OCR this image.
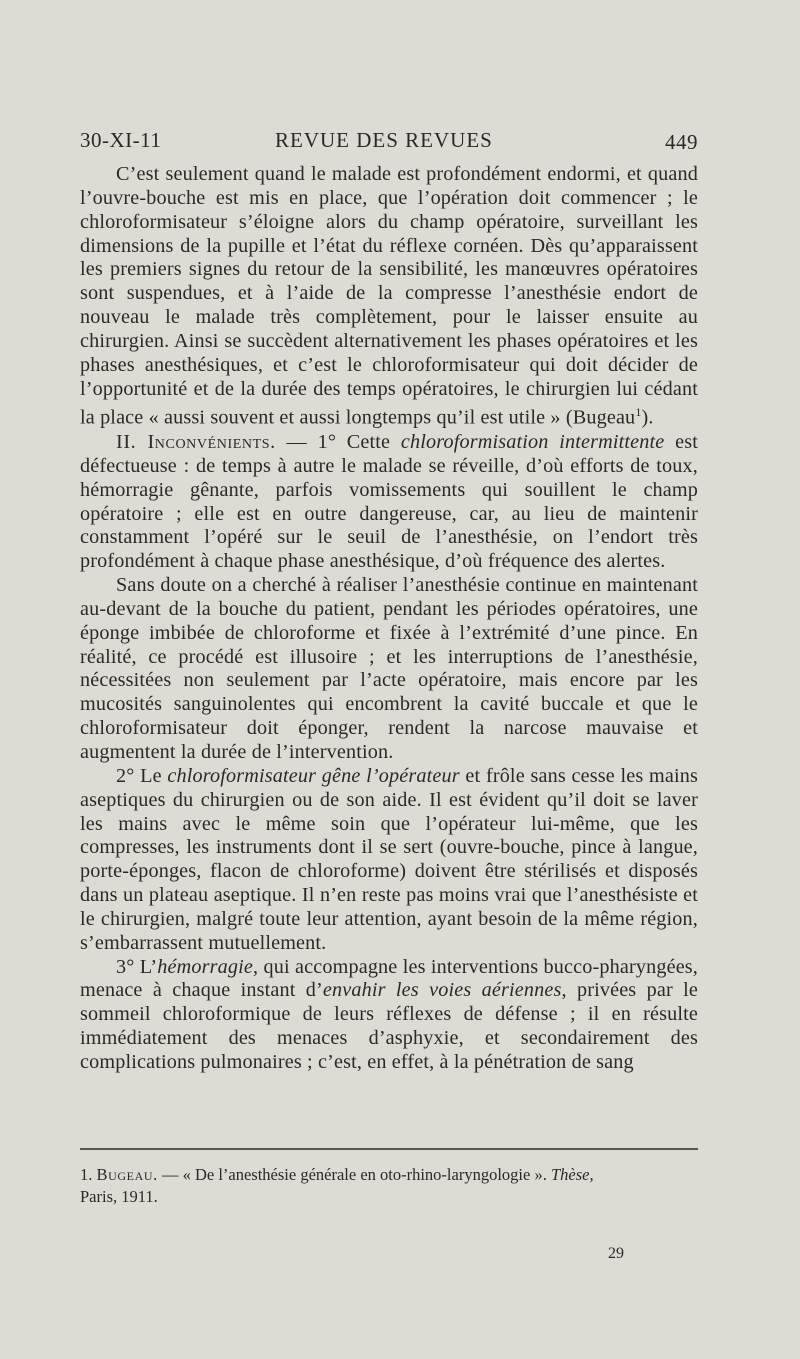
30-XI-11	REVUE DES REVUES	449

C’est seulement quand le malade est profondément endormi, et quand l’ouvre-bouche est mis en place, que l’opération doit commencer ; le chloroformisateur s’éloigne alors du champ opératoire, surveillant les dimensions de la pupille et l’état du réflexe cornéen. Dès qu’apparaissent les premiers signes du retour de la sensibilité, les manœuvres opératoires sont suspendues, et à l’aide de la compresse l’anesthésie endort de nouveau le malade très complètement, pour le laisser ensuite au chirurgien. Ainsi se succèdent alternativement les phases opératoires et les phases anesthésiques, et c’est le chloroformisateur qui doit décider de l’opportunité et de la durée des temps opératoires, le chirurgien lui cédant la place « aussi souvent et aussi longtemps qu’il est utile » (Bugeau$^1$).

II. Inconvénients. — 1° Cette chloroformisation intermittente est défectueuse : de temps à autre le malade se réveille, d’où efforts de toux, hémorragie gênante, parfois vomissements qui souillent le champ opératoire ; elle est en outre dangereuse, car, au lieu de maintenir constamment l’opéré sur le seuil de l’anesthésie, on l’endort très profondément à chaque phase anesthésique, d’où fréquence des alertes.

Sans doute on a cherché à réaliser l’anesthésie continue en maintenant au-devant de la bouche du patient, pendant les périodes opératoires, une éponge imbibée de chloroforme et fixée à l’extrémité d’une pince. En réalité, ce procédé est illusoire ; et les interruptions de l’anesthésie, nécessitées non seulement par l’acte opératoire, mais encore par les mucosités sanguinolentes qui encombrent la cavité buccale et que le chloroformisateur doit éponger, rendent la narcose mauvaise et augmentent la durée de l’intervention.

2° Le chloroformisateur gêne l’opérateur et frôle sans cesse les mains aseptiques du chirurgien ou de son aide. Il est évident qu’il doit se laver les mains avec le même soin que l’opérateur lui-même, que les compresses, les instruments dont il se sert (ouvre-bouche, pince à langue, porte-éponges, flacon de chloroforme) doivent être stérilisés et disposés dans un plateau aseptique. Il n’en reste pas moins vrai que l’anesthésiste et le chirurgien, malgré toute leur attention, ayant besoin de la même région, s’embarrassent mutuellement.

3° L’hémorragie, qui accompagne les interventions bucco-pharyngées, menace à chaque instant d’envahir les voies aériennes, privées par le sommeil chloroformique de leurs réflexes de défense ; il en résulte immédiatement des menaces d’asphyxie, et secondairement des complications pulmonaires ; c’est, en effet, à la pénétration de sang

1. Bugeau. — « De l’anesthésie générale en oto-rhino-laryngologie ». Thèse,
Paris, 1911.

29
